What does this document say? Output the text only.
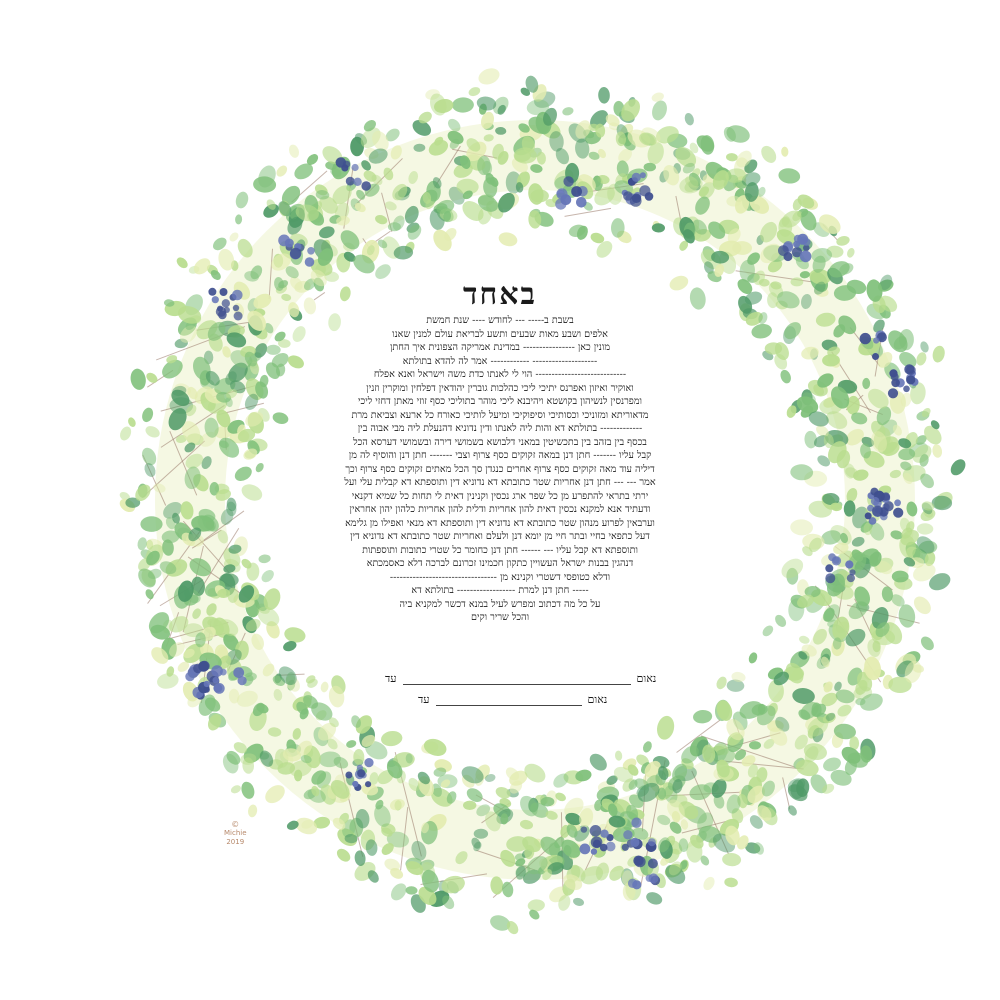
באחד
בשבת ב----- --- לחודש ---- שנת חמשת
אלפים ושבע מאות שבעים ותשע לבריאת עולם למנין שאנו
מונין כאן ---------------- במדינת אמריקה הצפונית איך החתן
-------------------- ------------ אמר לה להדא בתולתא
---------------------------- הוי לי לאנתו כדת משה וישראל ואנא אפלח
ואוקיר ואיזון ואפרנס יתיכי ליכי כהלכות גוברין יהודאין דפלחין ומוקרין וזנין
ומפרנסין לנשיהון בקושטא ויהיבנא ליכי מוהר בתוליכי כסף זוזי מאתן דחזי ליכי
מדאוריתא ומזוניכי וכסותיכי וסיפוקיכי ומיעל לותיכי כאורח כל ארעא וצביאת מרת
------------- בתולתא דא והות ליה לאנתו ודין נדוניא דהנעלת ליה מבי אבוה בין
בכסף בין בזהב בין בתכשיטין במאני דלבושא בשמושי דירה ובשמושי דערסא הכל
קבל עליו ------- חתן דנן במאה זקוקים כסף צרוף וצבי ------- חתן דנן והוסיף לה מן
דיליה עוד מאה זקוקים כסף צרוף אחרים כנגדן סך הכל מאתים זקוקים כסף צרוף וכך
אמר --- --- חתן דנן אחריות שטר כתובתא דא נדוניא דין ותוספתא דא קבלית עלי ועל
ירתי בתראי להתפרע מן כל שפר ארג נכסין וקנינין דאית לי תחות כל שמיא דקנאי
ודעתיד אנא למקנא נכסין דאית להון אחריות ודלית להון אחריות כלהון יהון אחראין
וערבאין לפרוע מנהון שטר כתובתא דא נדוניא דין ותוספתא דא מנאי ואפילו מן גלימא
דעל כתפאי בחיי ובתר חיי מן יומא דנן ולעלם ואחריות שטר כתובתא דא נדוניא דין
ותוספתא דא קבל עליו --- ------ חתן דנן כחומר כל שטרי כתובות ותוספתות
דנהגין בבנות ישראל העשויין כתקון חכמינו זכרונם לברכה דלא כאסמכתא
ודלא כטופסי דשטרי וקנינא מן ---------------------------------
----- חתן דנן למרת ------------------ בתולתא דא
על כל מה דכתוב ומפרש לעיל במנא דכשר למקניא ביה
והכל שריר וקים
נאום
עד
נאום
עד
©
Michie
2019
